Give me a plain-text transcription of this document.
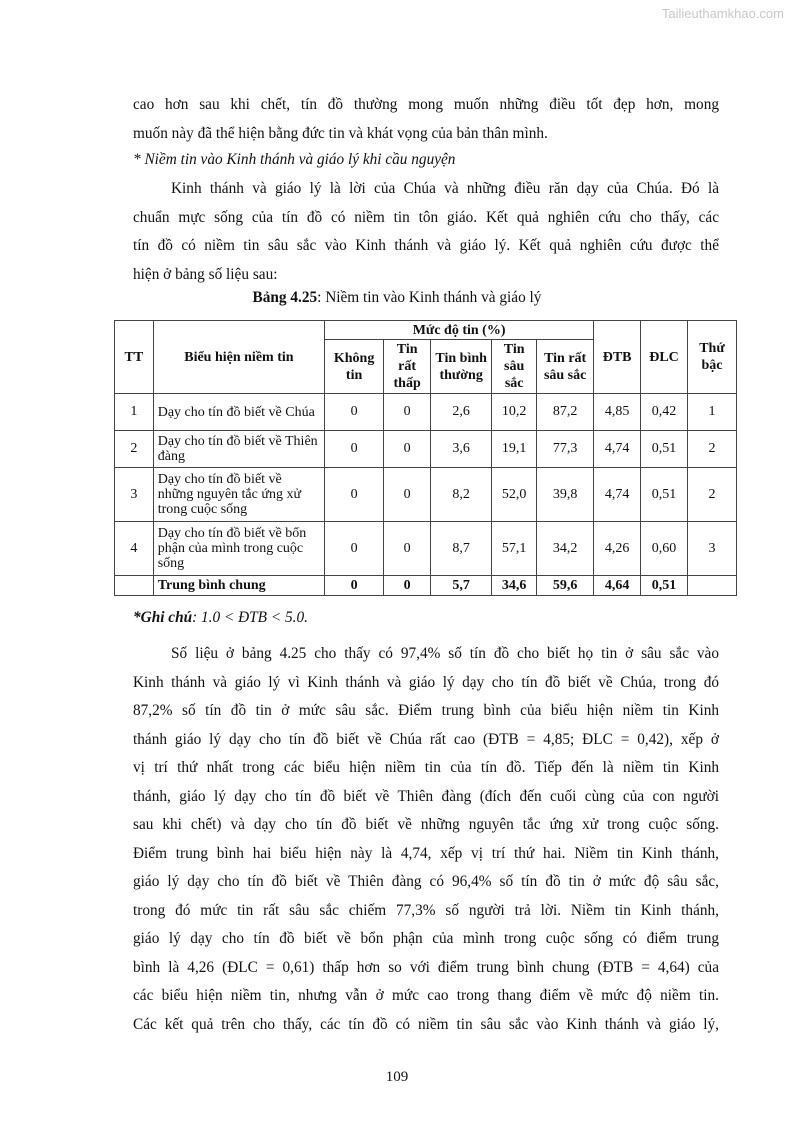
Tailieuthamkhao.com

cao hơn sau khi chết, tín đồ thường mong muốn những điều tốt đẹp hơn, mong
muốn này đã thể hiện bằng đức tin và khát vọng của bản thân mình.

* Niềm tin vào Kinh thánh và giáo lý khi cầu nguyện

Kinh thánh và giáo lý là lời của Chúa và những điều răn dạy của Chúa. Đó là
chuẩn mực sống của tín đồ có niềm tin tôn giáo. Kết quả nghiên cứu cho thấy, các
tín đồ có niềm tin sâu sắc vào Kinh thánh và giáo lý. Kết quả nghiên cứu được thể
hiện ở bảng số liệu sau:

Bảng 4.25: Niềm tin vào Kinh thánh và giáo lý
TT	Biểu hiện niềm tin	Mức độ tin (%)					ĐTB	ĐLC	Thứ bậc
		Không tin	Tin rất thấp	Tin bình thường	Tin sâu sắc	Tin rất sâu sắc			
1	Dạy cho tín đồ biết về Chúa	0	0	2,6	10,2	87,2	4,85	0,42	1
2	Dạy cho tín đồ biết về Thiên đàng	0	0	3,6	19,1	77,3	4,74	0,51	2
3	Dạy cho tín đồ biết về những nguyên tắc ứng xử trong cuộc sống	0	0	8,2	52,0	39,8	4,74	0,51	2
4	Dạy cho tín đồ biết về bổn phận của mình trong cuộc sống	0	0	8,7	57,1	34,2	4,26	0,60	3
	Trung bình chung	0	0	5,7	34,6	59,6	4,64	0,51	
*Ghi chú: 1.0 < ĐTB < 5.0.

Số liệu ở bảng 4.25 cho thấy có 97,4% số tín đồ cho biết họ tin ở sâu sắc vào
Kinh thánh và giáo lý vì Kinh thánh và giáo lý dạy cho tín đồ biết về Chúa, trong đó
87,2% số tín đồ tin ở mức sâu sắc. Điểm trung bình của biểu hiện niềm tin Kinh
thánh giáo lý dạy cho tín đồ biết về Chúa rất cao (ĐTB = 4,85; ĐLC = 0,42), xếp ở
vị trí thứ nhất trong các biểu hiện niềm tin của tín đồ. Tiếp đến là niềm tin Kinh
thánh, giáo lý dạy cho tín đồ biết về Thiên đàng (đích đến cuối cùng của con người
sau khi chết) và dạy cho tín đồ biết về những nguyên tắc ứng xử trong cuộc sống.
Điểm trung bình hai biểu hiện này là 4,74, xếp vị trí thứ hai. Niềm tin Kinh thánh,
giáo lý dạy cho tín đồ biết về Thiên đàng có 96,4% số tín đồ tin ở mức độ sâu sắc,
trong đó mức tin rất sâu sắc chiếm 77,3% số người trả lời. Niềm tin Kinh thánh,
giáo lý dạy cho tín đồ biết về bổn phận của mình trong cuộc sống có điểm trung
bình là 4,26 (ĐLC = 0,61) thấp hơn so với điểm trung bình chung (ĐTB = 4,64) của
các biểu hiện niềm tin, nhưng vẫn ở mức cao trong thang điểm về mức độ niềm tin.
Các kết quả trên cho thấy, các tín đồ có niềm tin sâu sắc vào Kinh thánh và giáo lý,

109
